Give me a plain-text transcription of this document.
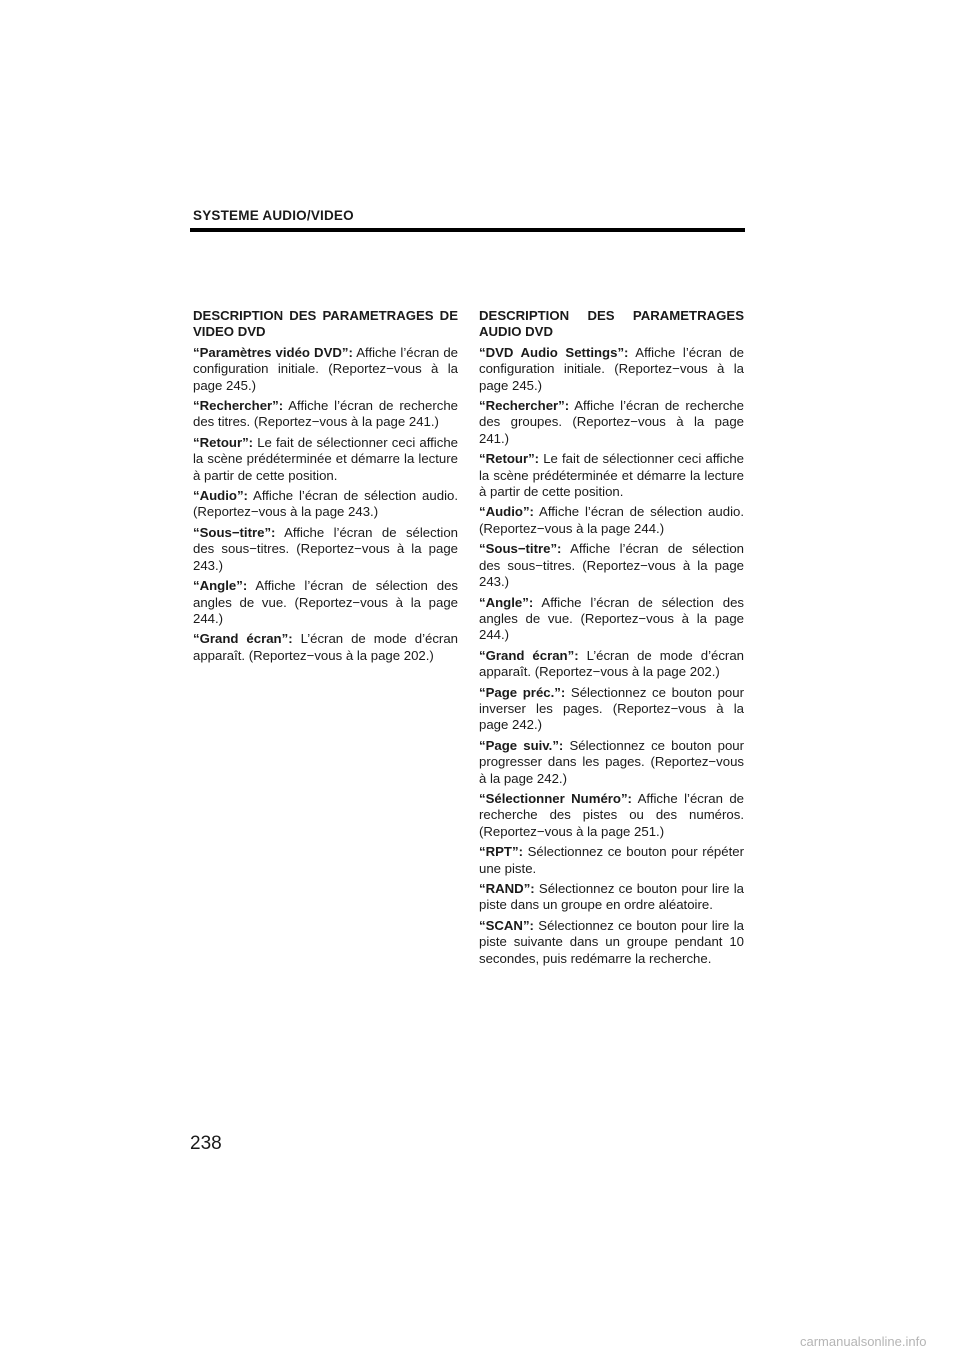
SYSTEME AUDIO/VIDEO
DESCRIPTION DES PARAMETRAGES DE VIDEO DVD

“Paramètres vidéo DVD”: Affiche l’écran de configuration initiale. (Reportez−vous à la page 245.)

“Rechercher”: Affiche l’écran de recherche des titres. (Reportez−vous à la page 241.)

“Retour”: Le fait de sélectionner ceci affiche la scène prédéterminée et démarre la lecture à partir de cette position.

“Audio”: Affiche l’écran de sélection audio. (Reportez−vous à la page 243.)

“Sous−titre”: Affiche l’écran de sélection des sous−titres. (Reportez−vous à la page 243.)

“Angle”: Affiche l’écran de sélection des angles de vue. (Reportez−vous à la page 244.)

“Grand écran”: L’écran de mode d’écran apparaît. (Reportez−vous à la page 202.)

DESCRIPTION DES PARAMETRAGES AUDIO DVD

“DVD Audio Settings”: Affiche l’écran de configuration initiale. (Reportez−vous à la page 245.)

“Rechercher”: Affiche l’écran de recherche des groupes. (Reportez−vous à la page 241.)

“Retour”: Le fait de sélectionner ceci affiche la scène prédéterminée et démarre la lecture à partir de cette position.

“Audio”: Affiche l’écran de sélection audio. (Reportez−vous à la page 244.)

“Sous−titre”: Affiche l’écran de sélection des sous−titres. (Reportez−vous à la page 243.)

“Angle”: Affiche l’écran de sélection des angles de vue. (Reportez−vous à la page 244.)

“Grand écran”: L’écran de mode d’écran apparaît. (Reportez−vous à la page 202.)

“Page préc.”: Sélectionnez ce bouton pour inverser les pages. (Reportez−vous à la page 242.)

“Page suiv.”: Sélectionnez ce bouton pour progresser dans les pages. (Reportez−vous à la page 242.)

“Sélectionner Numéro”: Affiche l’écran de recherche des pistes ou des numéros. (Reportez−vous à la page 251.)

“RPT”: Sélectionnez ce bouton pour répéter une piste.

“RAND”: Sélectionnez ce bouton pour lire la piste dans un groupe en ordre aléatoire.

“SCAN”: Sélectionnez ce bouton pour lire la piste suivante dans un groupe pendant 10 secondes, puis redémarre la recherche.

238
carmanualsonline.info
